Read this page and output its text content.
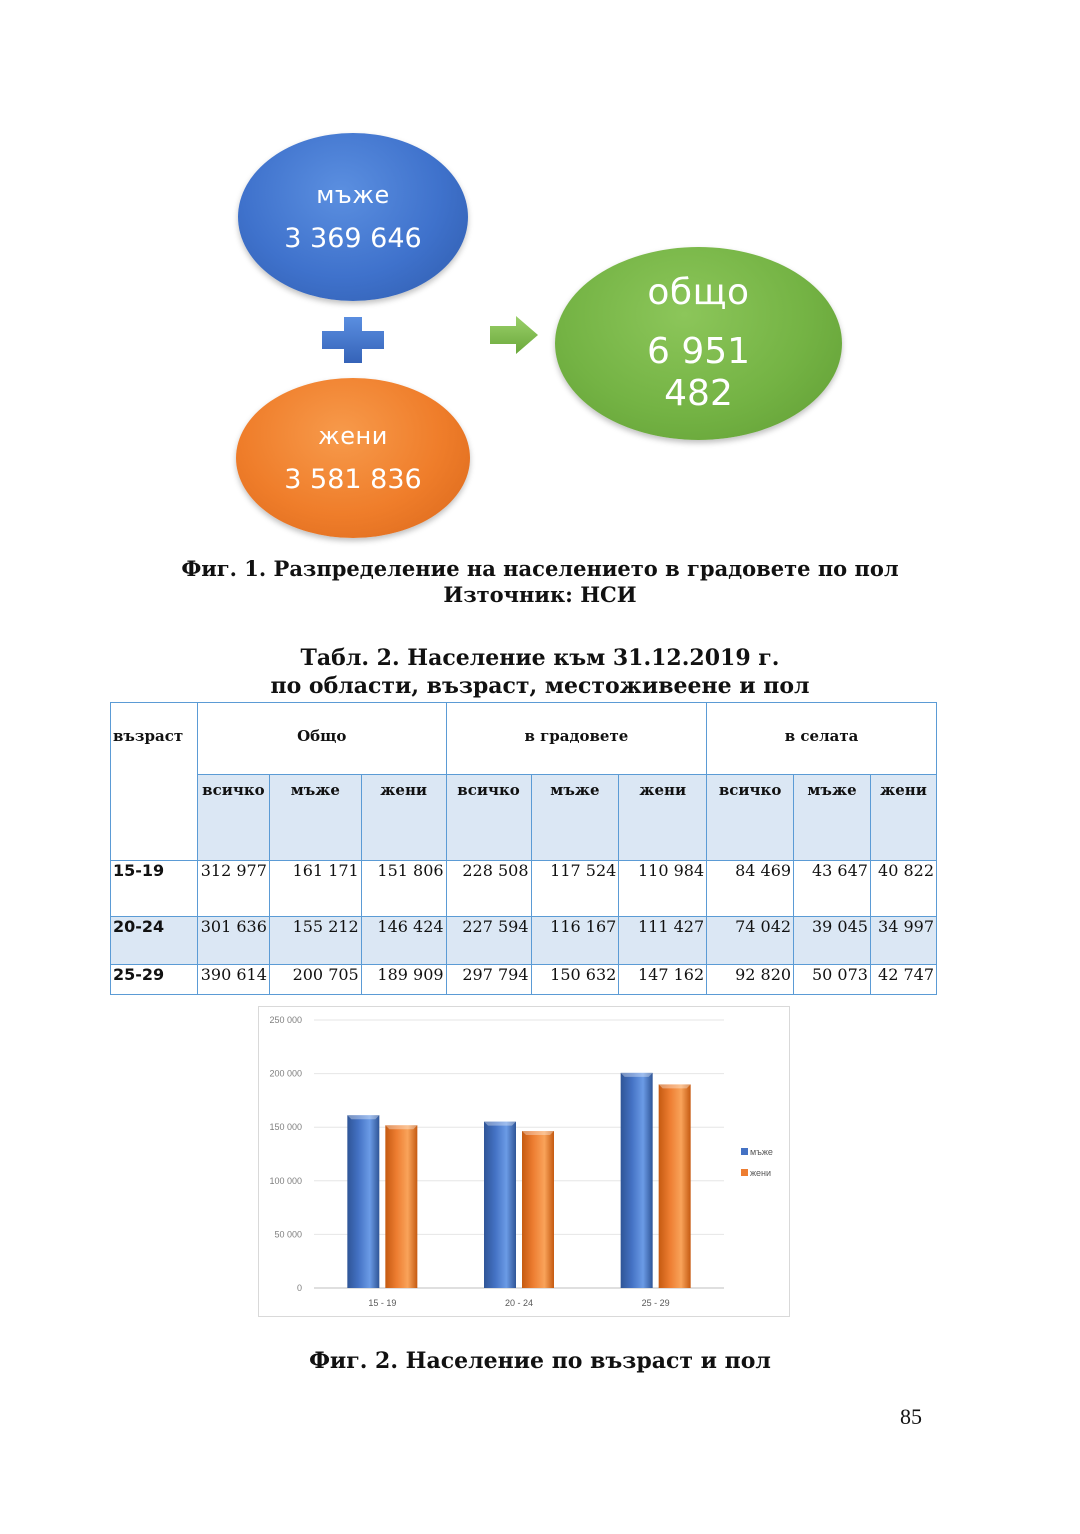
мъже
3 369 646
жени
3 581 836
общо
6 951
482
Фиг. 1. Разпределение на населението в градовете по пол
Източник: НСИ
Табл. 2. Население към 31.12.2019 г.
по области, възраст, местоживеене и пол
възраст	Общо			в градовете			в селата		
	всичко	мъже	жени	всичко	мъже	жени	всичко	мъже	жени
15-19	312 977	161 171	151 806	228 508	117 524	110 984	84 469	43 647	40 822
20-24	301 636	155 212	146 424	227 594	116 167	111 427	74 042	39 045	34 997
25-29	390 614	200 705	189 909	297 794	150 632	147 162	92 820	50 073	42 747
0
50 000
100 000
150 000
200 000
250 000
15 - 19	20 - 24	25 - 29
мъже
жени
Фиг. 2. Население по възраст и пол
85
